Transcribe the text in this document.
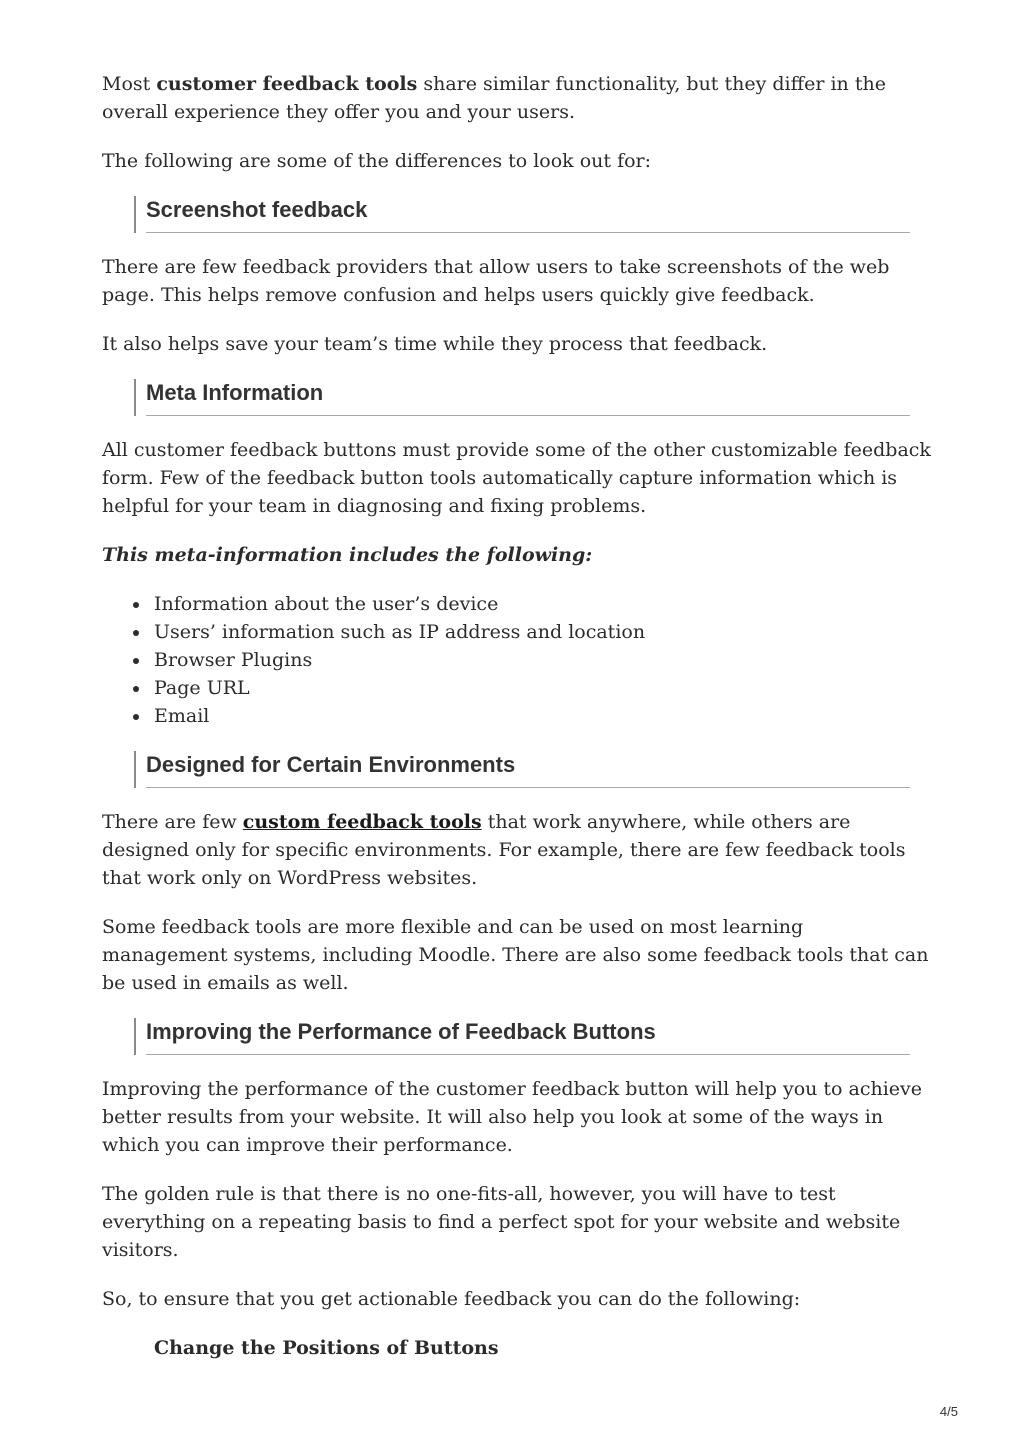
Most customer feedback tools share similar functionality, but they differ in the overall experience they offer you and your users.

The following are some of the differences to look out for:

Screenshot feedback

There are few feedback providers that allow users to take screenshots of the web page. This helps remove confusion and helps users quickly give feedback.

It also helps save your team’s time while they process that feedback.

Meta Information

All customer feedback buttons must provide some of the other customizable feedback form. Few of the feedback button tools automatically capture information which is helpful for your team in diagnosing and fixing problems.

This meta-information includes the following:
Information about the user’s device
Users’ information such as IP address and location
Browser Plugins
Page URL
Email
Designed for Certain Environments

There are few custom feedback tools that work anywhere, while others are designed only for specific environments. For example, there are few feedback tools that work only on WordPress websites.

Some feedback tools are more flexible and can be used on most learning management systems, including Moodle. There are also some feedback tools that can be used in emails as well.

Improving the Performance of Feedback Buttons

Improving the performance of the customer feedback button will help you to achieve better results from your website. It will also help you look at some of the ways in which you can improve their performance.

The golden rule is that there is no one-fits-all, however, you will have to test everything on a repeating basis to find a perfect spot for your website and website visitors.

So, to ensure that you get actionable feedback you can do the following:

Change the Positions of Buttons
4/5
